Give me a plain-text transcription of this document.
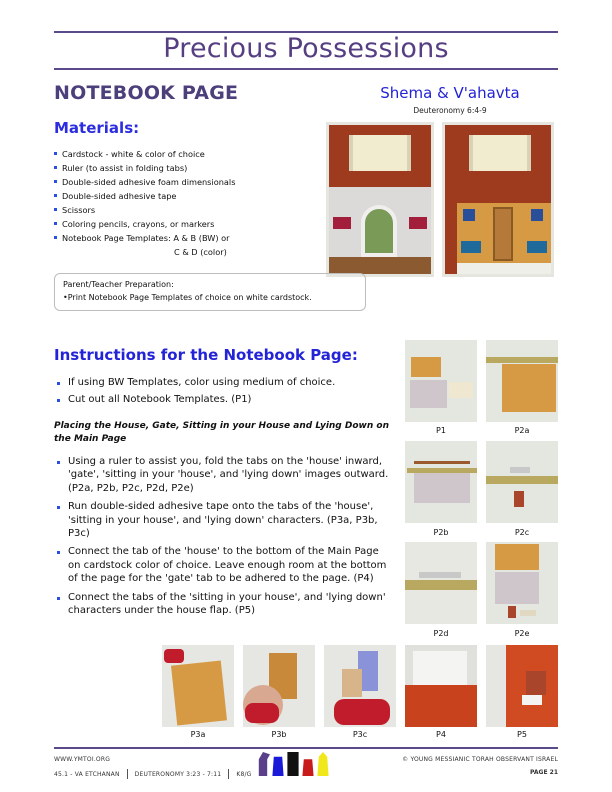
Precious Possessions
NOTEBOOK PAGE	Shema & V'ahavta
Deuteronomy 6:4-9
Materials:
Cardstock - white & color of choice
Ruler (to assist in folding tabs)
Double-sided adhesive foam dimensionals
Double-sided adhesive tape
Scissors
Coloring pencils, crayons, or markers
Notebook Page Templates: A & B (BW) or
C & D (color)
Parent/Teacher Preparation:
•Print Notebook Page Templates of choice on white cardstock.
Instructions for the Notebook Page:
If using BW Templates, color using medium of choice.
Cut out all Notebook Templates. (P1)
Placing the House, Gate, Sitting in your House and Lying Down on the Main Page
Using a ruler to assist you, fold the tabs on the 'house' inward, 'gate', 'sitting in your 'house', and 'lying down' images outward. (P2a, P2b, P2c, P2d, P2e)
Run double-sided adhesive tape onto the tabs of the 'house', 'sitting in your house', and 'lying down' characters. (P3a, P3b, P3c)
Connect the tab of the 'house' to the bottom of the Main Page on cardstock color of choice. Leave enough room at the bottom of the page for the 'gate' tab to be adhered to the page. (P4)
Connect the tabs of the 'sitting in your house', and 'lying down' characters under the house flap. (P5)
P1	P2a
P2b	P2c
P2d	P2e
P3a	P3b	P3c	P4	P5
WWW.YMTOI.ORG
45.1 - VA ETCHANAN	DEUTERONOMY 3:23 - 7:11	K8/G
© YOUNG MESSIANIC TORAH OBSERVANT ISRAEL
PAGE 21
